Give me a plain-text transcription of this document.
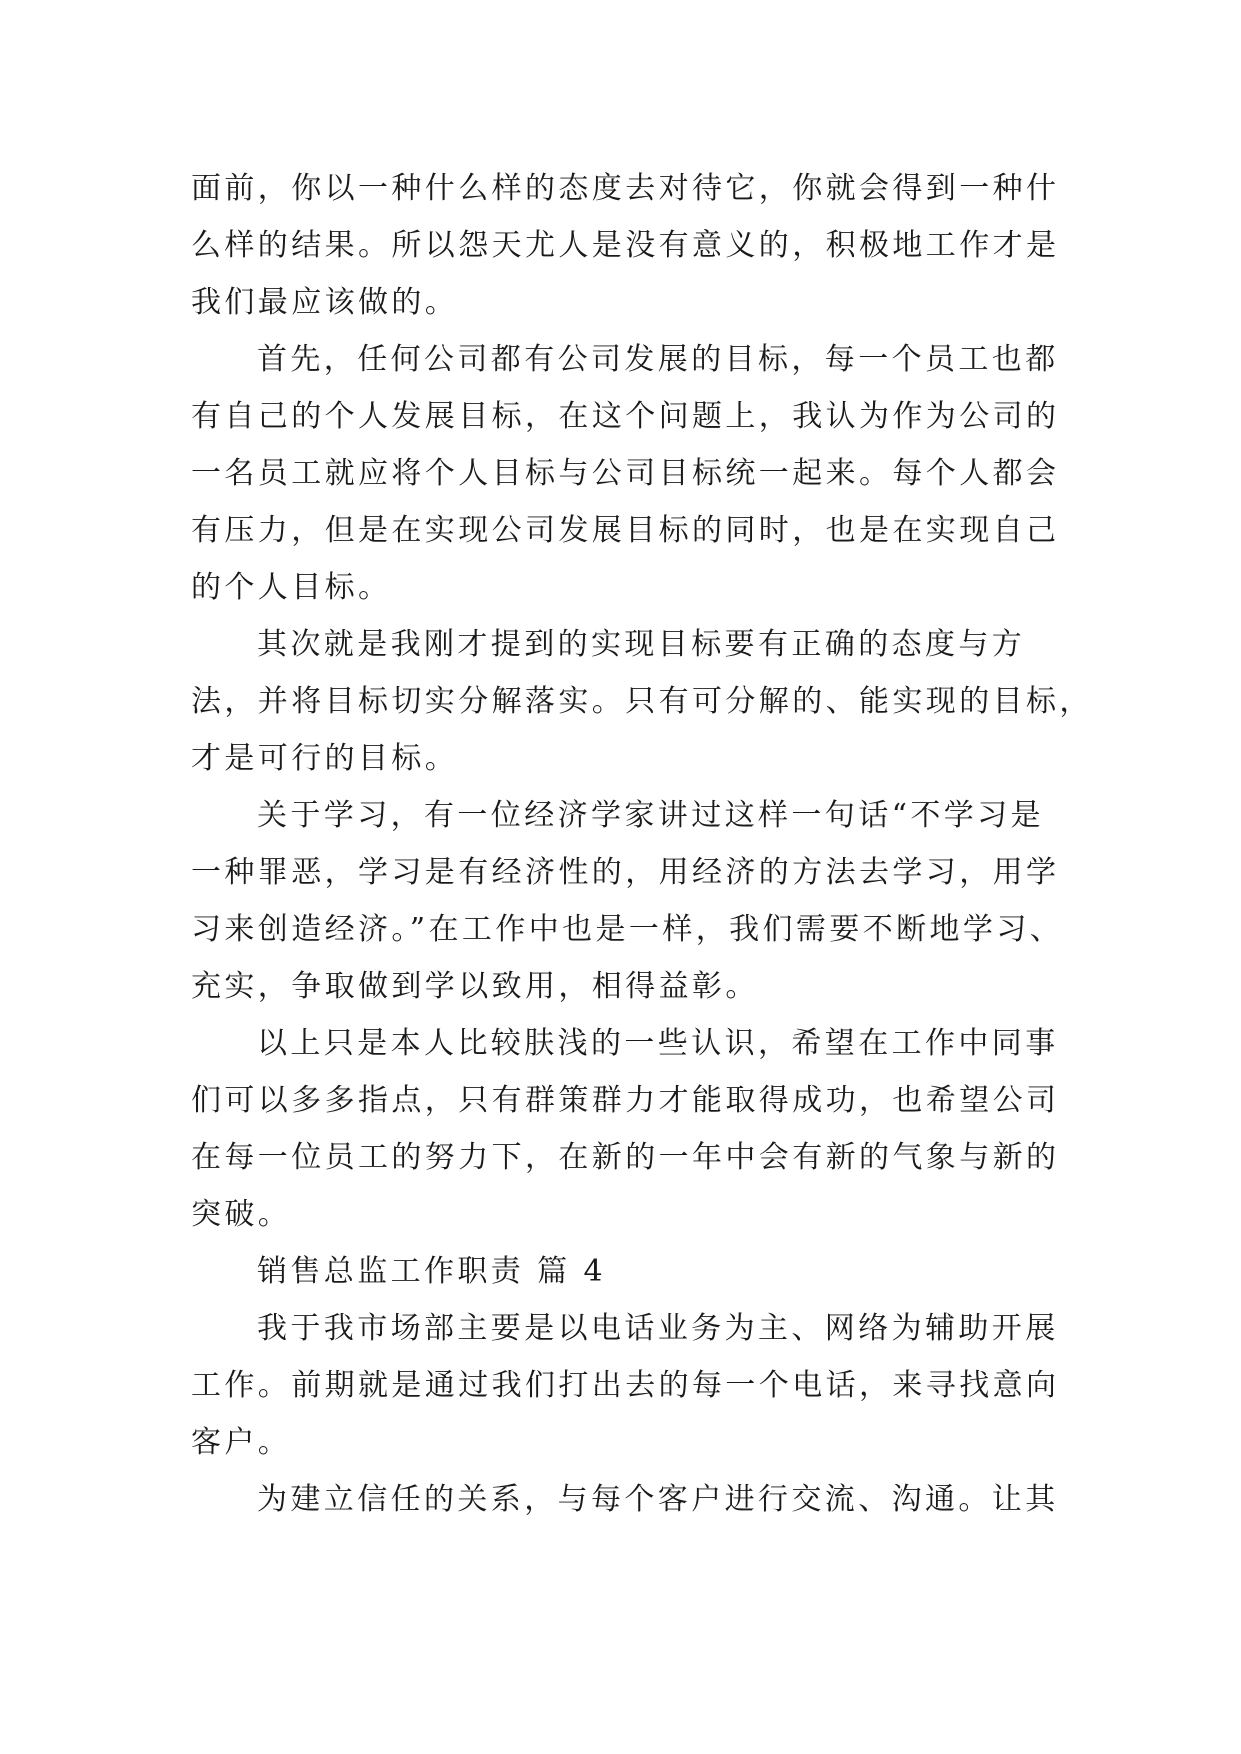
面前，你以一种什么样的态度去对待它，你就会得到一种什
么样的结果。所以怨天尤人是没有意义的，积极地工作才是
我们最应该做的。
首先，任何公司都有公司发展的目标，每一个员工也都
有自己的个人发展目标，在这个问题上，我认为作为公司的
一名员工就应将个人目标与公司目标统一起来。每个人都会
有压力，但是在实现公司发展目标的同时，也是在实现自己
的个人目标。
其次就是我刚才提到的实现目标要有正确的态度与方
法，并将目标切实分解落实。只有可分解的、能实现的目标，
才是可行的目标。
关于学习，有一位经济学家讲过这样一句话“不学习是
一种罪恶，学习是有经济性的，用经济的方法去学习，用学
习来创造经济。”在工作中也是一样，我们需要不断地学习、
充实，争取做到学以致用，相得益彰。
以上只是本人比较肤浅的一些认识，希望在工作中同事
们可以多多指点，只有群策群力才能取得成功，也希望公司
在每一位员工的努力下，在新的一年中会有新的气象与新的
突破。
销售总监工作职责 篇 4
我于我市场部主要是以电话业务为主、网络为辅助开展
工作。前期就是通过我们打出去的每一个电话，来寻找意向
客户。
为建立信任的关系，与每个客户进行交流、沟通。让其
